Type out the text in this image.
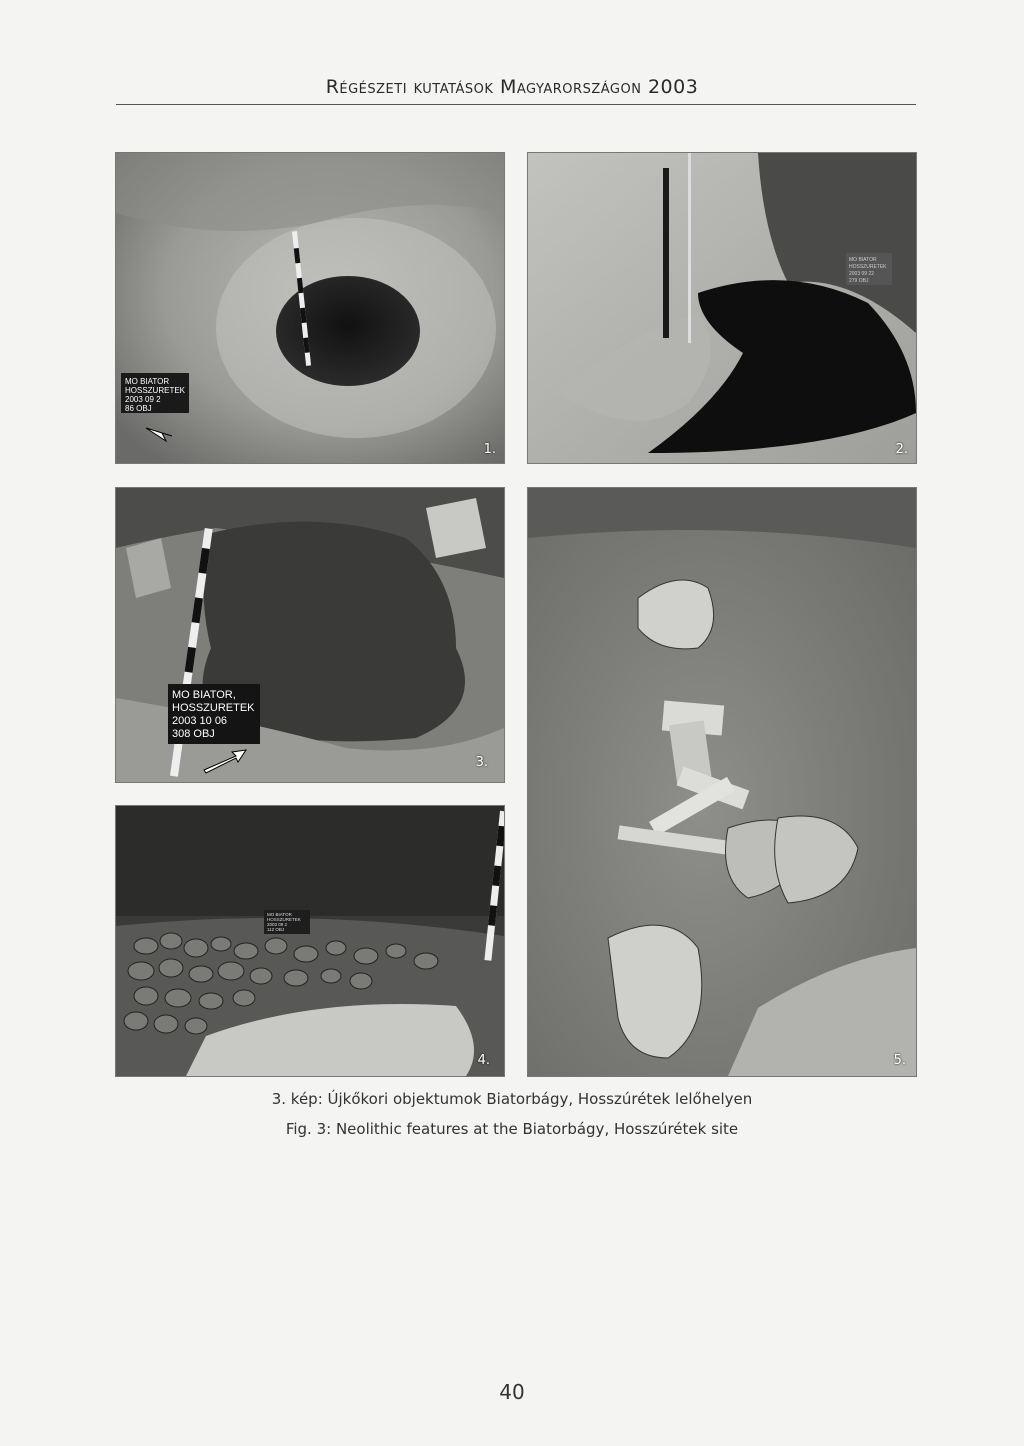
Régészeti kutatások Magyarországon 2003
MO BIATOR
HOSSZURETEK
2003 09 2
86 OBJ
1.
MO BIATOR
HOSSZURETEK
2003 09 22
279 OBJ
2.
MO BIATOR,
HOSSZURETEK
2003 10 06
308 OBJ
3.
MO BIATOR
HOSSZURETEK
2003 09 2
112 OBJ
4.	5.
3. kép: Újkőkori objektumok Biatorbágy, Hosszúrétek lelőhelyen
Fig. 3: Neolithic features at the Biatorbágy, Hosszúrétek site
40
